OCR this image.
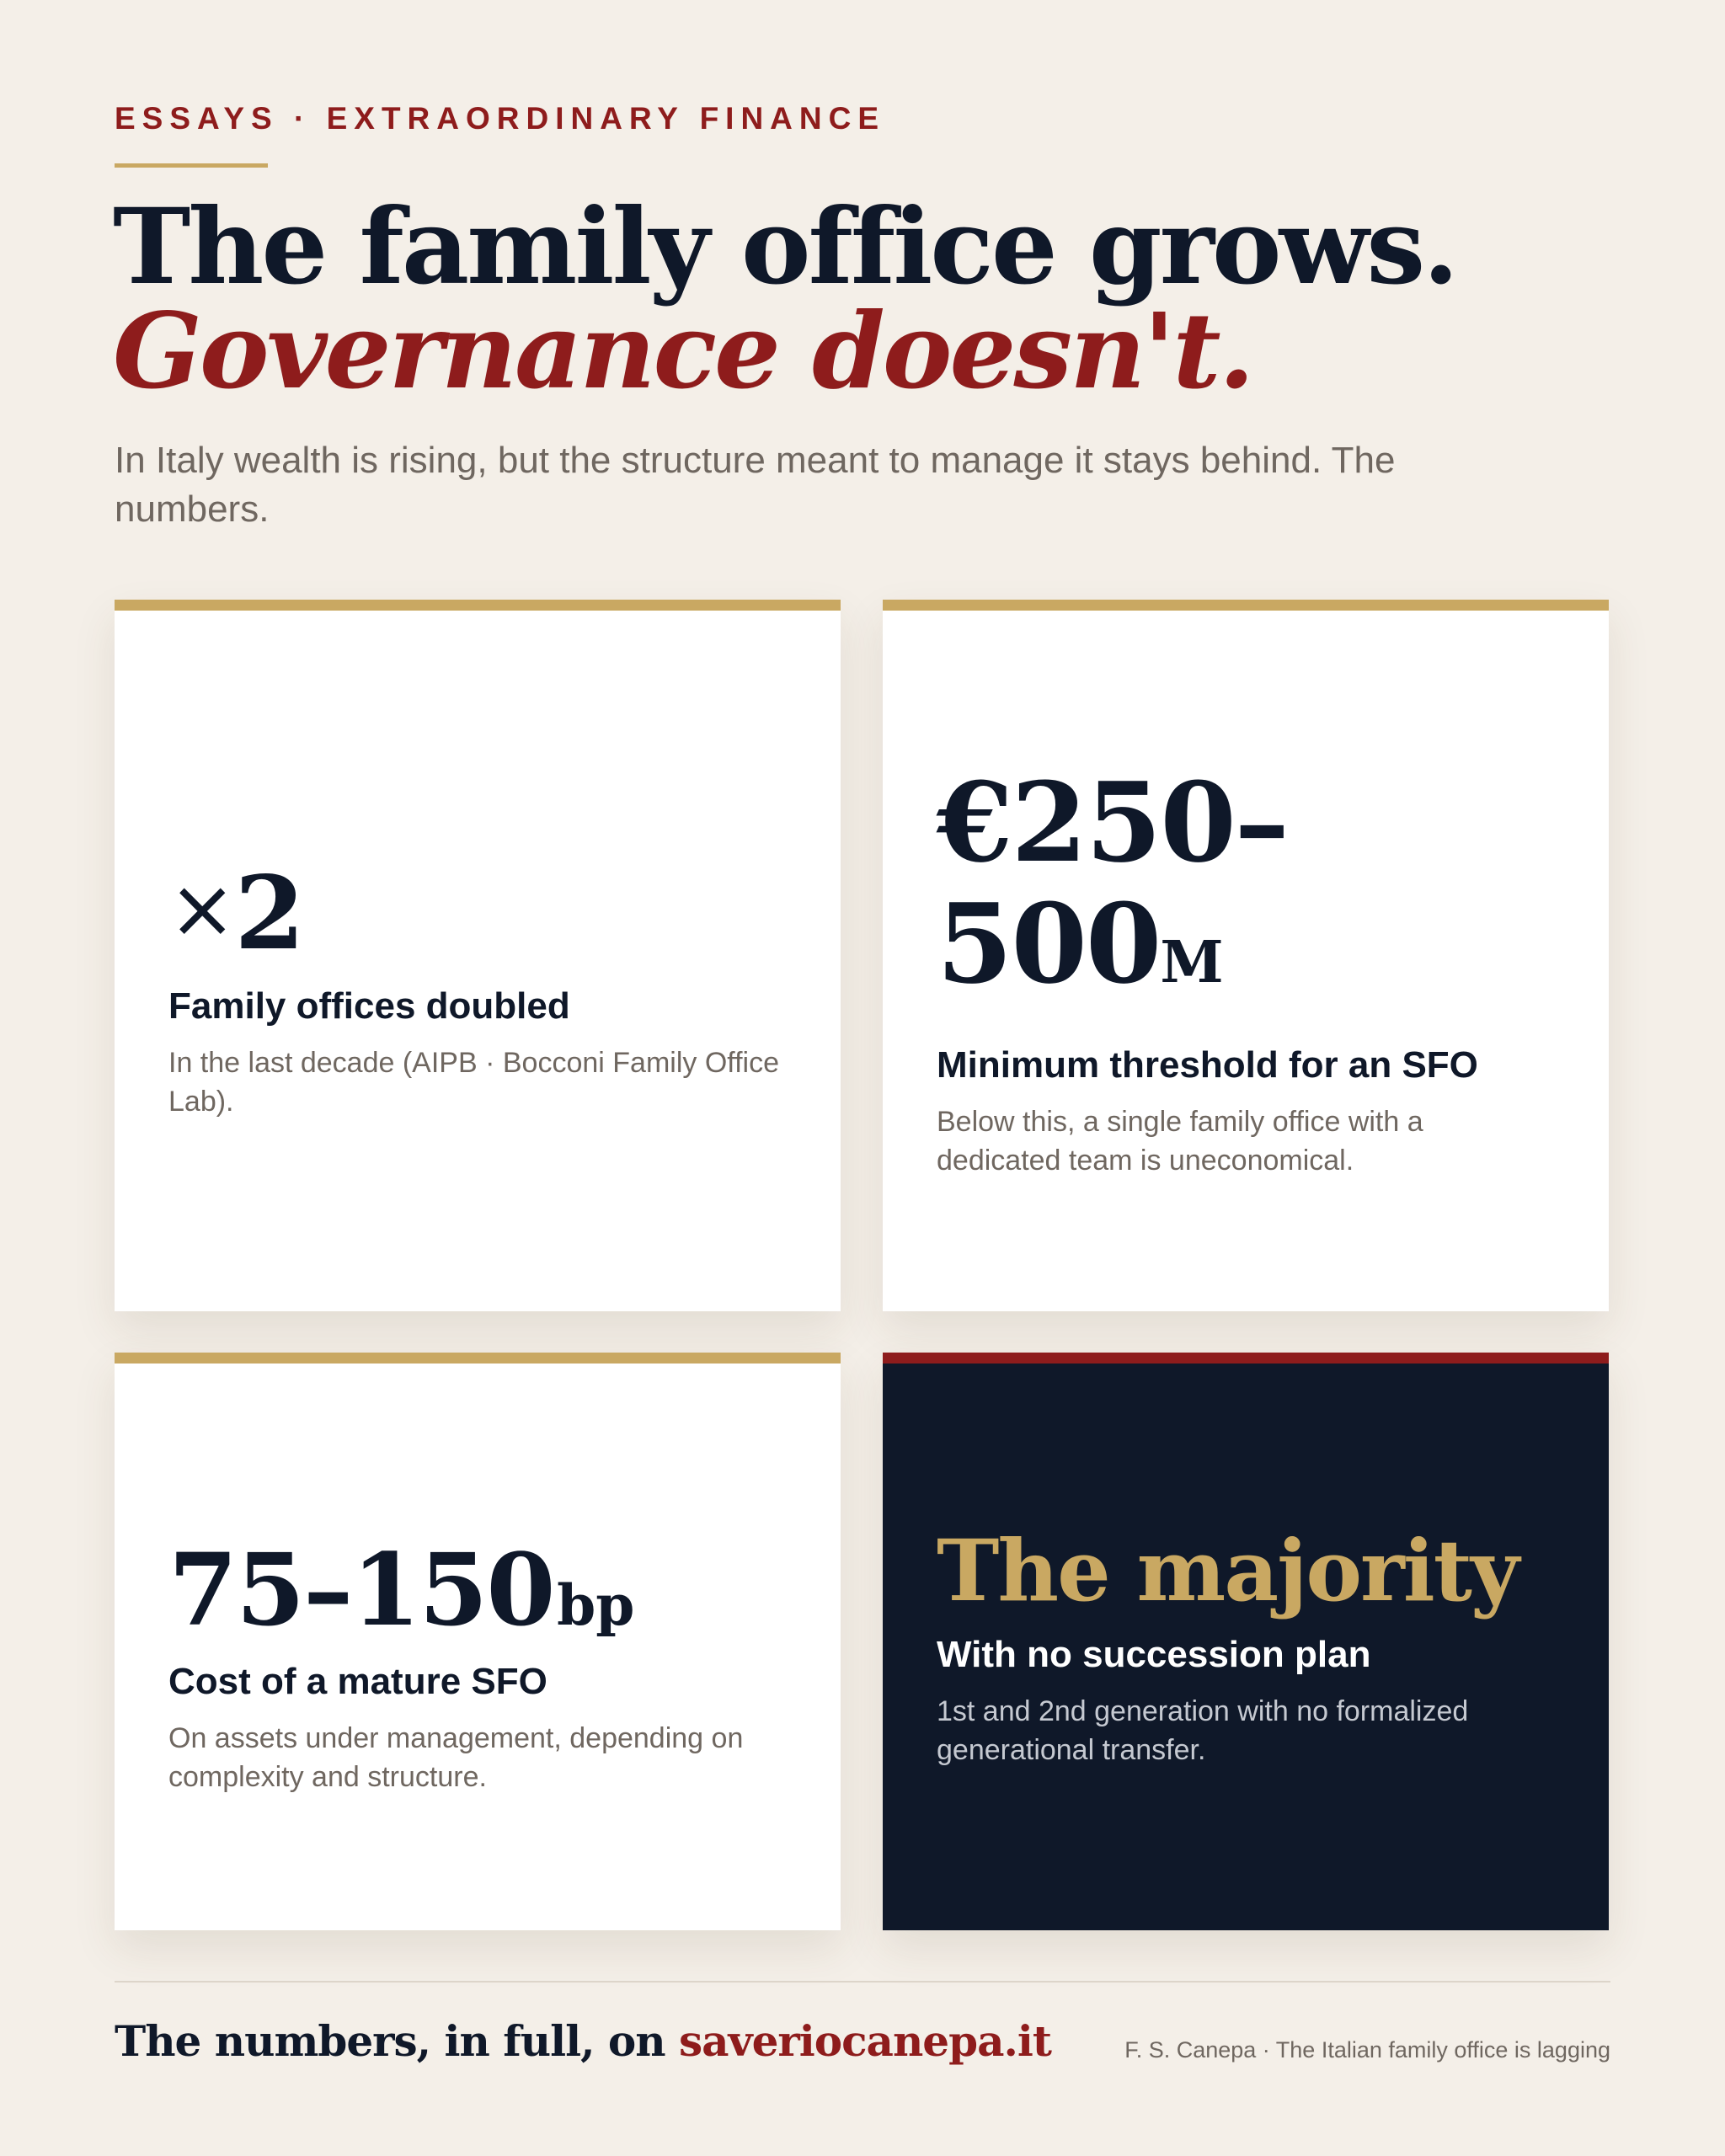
ESSAYS · EXTRAORDINARY FINANCE
The family office grows.
Governance doesn't.

In Italy wealth is rising, but the structure meant to manage it stays behind. The numbers.

×2
Family offices doubled
In the last decade (AIPB · Bocconi Family Office Lab).
€250–
500M
Minimum threshold for an SFO
Below this, a single family office with a dedicated team is uneconomical.
75–150 bp
Cost of a mature SFO
On assets under management, depending on complexity and structure.
The majority
With no succession plan
1st and 2nd generation with no formalized generational transfer.
The numbers, in full, on saveriocanepa.it	F. S. Canepa · The Italian family office is lagging
